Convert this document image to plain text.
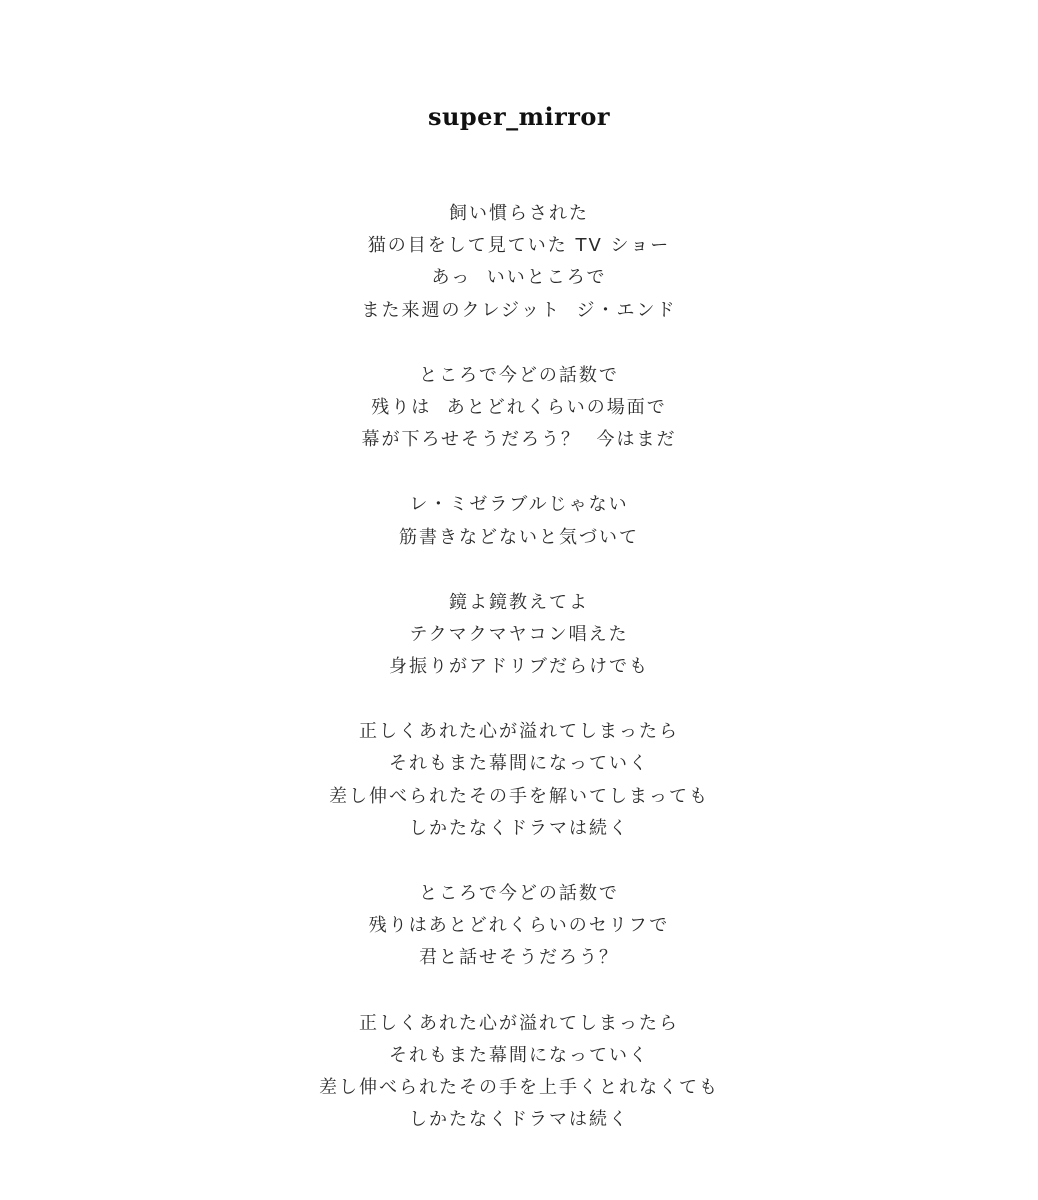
super_mirror
飼い慣らされた
猫の目をして見ていた TV ショー
あっ  いいところで
また来週のクレジット  ジ・エンド
ところで今どの話数で
残りは  あとどれくらいの場面で
幕が下ろせそうだろう？  今はまだ
レ・ミゼラブルじゃない
筋書きなどないと気づいて
鏡よ鏡教えてよ
テクマクマヤコン唱えた
身振りがアドリブだらけでも
正しくあれた心が溢れてしまったら
それもまた幕間になっていく
差し伸べられたその手を解いてしまっても
しかたなくドラマは続く
ところで今どの話数で
残りはあとどれくらいのセリフで
君と話せそうだろう？
正しくあれた心が溢れてしまったら
それもまた幕間になっていく
差し伸べられたその手を上手くとれなくても
しかたなくドラマは続く
